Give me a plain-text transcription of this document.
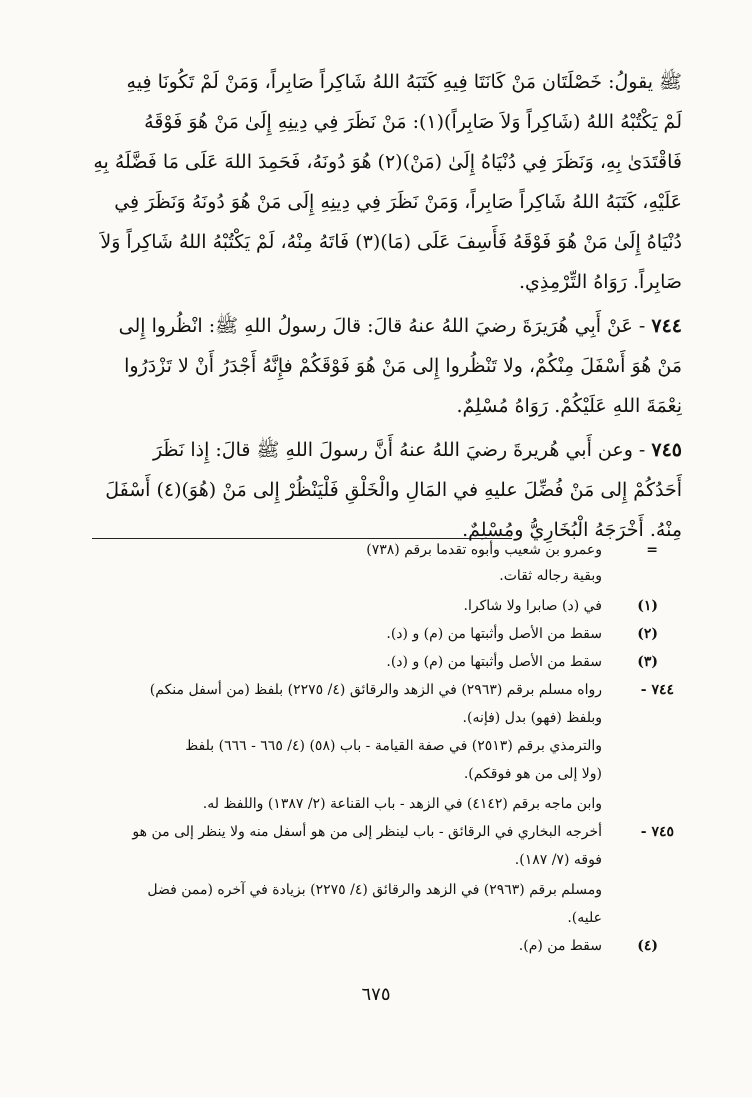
ﷺ يقولُ: خَصْلَتَان مَنْ كَانَتَا فِيهِ كَتَبَهُ اللهُ شَاكِراً صَابِراً، وَمَنْ لَمْ تَكُونَا فِيهِ
لَمْ يَكْتُبْهُ اللهُ (شَاكِراً وَلاَ صَابِراً)(١): مَنْ نَظَرَ فِي دِينِهِ إِلَىٰ مَنْ هُوَ فَوْقَهُ
فَاقْتَدَىٰ بِهِ، وَنَظَرَ فِي دُنْيَاهُ إِلَىٰ (مَنْ)(٢) هُوَ دُونَهُ، فَحَمِدَ اللهَ عَلَى مَا فَضَّلَهُ بِهِ
عَلَيْهِ، كَتَبَهُ اللهُ شَاكِراً صَابِراً، وَمَنْ نَظَرَ فِي دِينِهِ إِلَى مَنْ هُوَ دُونَهُ وَنَظَرَ فِي
دُنْيَاهُ إِلَىٰ مَنْ هُوَ فَوْقَهُ فَأَسِفَ عَلَى (مَا)(٣) فَاتَهُ مِنْهُ، لَمْ يَكْتُبْهُ اللهُ شَاكِراً وَلاَ
صَابِراً. رَوَاهُ التِّرْمِذِي.
٧٤٤ - عَنْ أَبِي هُرَيرَةَ رضيَ اللهُ عنهُ قالَ: قالَ رسولُ اللهِ ﷺ: انْظُروا إِلى
مَنْ هُوَ أَسْفَلَ مِنْكُمْ، ولا تَنْظُروا إِلى مَنْ هُوَ فَوْقَكُمْ فإِنَّهُ أَجْدَرُ أَنْ لا تَزْدَرُوا
نِعْمَةَ اللهِ عَلَيْكُمْ. رَوَاهُ مُسْلِمٌ.
٧٤٥ - وعن أَبي هُريرةَ رضيَ اللهُ عنهُ أَنَّ رسولَ اللهِ ﷺ قالَ: إِذا نَظَرَ
أَحَدُكُمْ إِلى مَنْ فُضِّلَ عليهِ في المَالِ والْخَلْقِ فَلْيَنْظُرْ إِلى مَنْ (هُوَ)(٤) أَسْفَلَ
مِنْهُ. أَخْرَجَهُ الْبُخَارِيُّ ومُسْلِمٌ.
=
وعمرو بن شعيب وأبوه تقدما برقم (٧٣٨)
وبقية رجاله ثقات.
(١)
في (د) صابرا ولا شاكرا.
(٢)
سقط من الأصل وأثبتها من (م) و (د).
(٣)
سقط من الأصل وأثبتها من (م) و (د).
٧٤٤ -
رواه مسلم برقم (٢٩٦٣) في الزهد والرقائق (٤/ ٢٢٧٥) بلفظ (من أسفل منكم)
وبلفظ (فهو) بدل (فإنه).
والترمذي برقم (٢٥١٣) في صفة القيامة - باب (٥٨) (٤/ ٦٦٥ - ٦٦٦) بلفظ
(ولا إلى من هو فوقكم).
وابن ماجه برقم (٤١٤٢) في الزهد - باب القناعة (٢/ ١٣٨٧) واللفظ له.
٧٤٥ -
أخرجه البخاري في الرقائق - باب لينظر إلى من هو أسفل منه ولا ينظر إلى من هو
فوقه (٧/ ١٨٧).
ومسلم برقم (٢٩٦٣) في الزهد والرقائق (٤/ ٢٢٧٥) بزيادة في آخره (ممن فضل
عليه).
(٤)
سقط من (م).
٦٧٥
